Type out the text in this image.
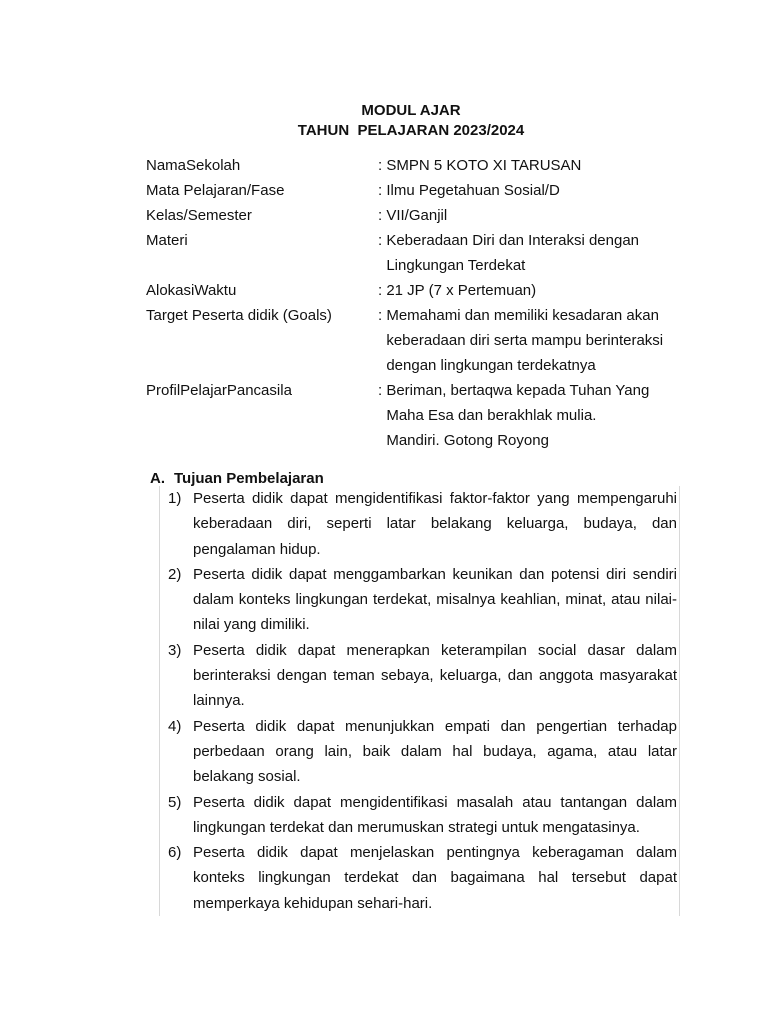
MODUL AJAR
TAHUN  PELAJARAN 2023/2024
NamaSekolah	: SMPN 5 KOTO XI TARUSAN
Mata Pelajaran/Fase	: Ilmu Pegetahuan Sosial/D
Kelas/Semester	: VII/Ganjil
Materi	: Keberadaan Diri dan Interaksi dengan
Lingkungan Terdekat
AlokasiWaktu	: 21 JP (7 x Pertemuan)
Target Peserta didik (Goals)	: Memahami dan memiliki kesadaran akan
keberadaan diri serta mampu berinteraksi
dengan lingkungan terdekatnya
ProfilPelajarPancasila	: Beriman, bertaqwa kepada Tuhan Yang
Maha Esa dan berakhlak mulia.
Mandiri. Gotong Royong
A. Tujuan Pembelajaran
1) Peserta didik dapat mengidentifikasi faktor-faktor yang mempengaruhi keberadaan diri, seperti latar belakang keluarga, budaya, dan pengalaman hidup.
2) Peserta didik dapat menggambarkan keunikan dan potensi diri sendiri dalam konteks lingkungan terdekat, misalnya keahlian, minat, atau nilai-nilai yang dimiliki.
3) Peserta didik dapat menerapkan keterampilan social dasar dalam berinteraksi dengan teman sebaya, keluarga, dan anggota masyarakat lainnya.
4) Peserta didik dapat menunjukkan empati dan pengertian terhadap perbedaan orang lain, baik dalam hal budaya, agama, atau latar belakang sosial.
5) Peserta didik dapat mengidentifikasi masalah atau tantangan dalam lingkungan terdekat dan merumuskan strategi untuk mengatasinya.
6) Peserta didik dapat menjelaskan pentingnya keberagaman dalam konteks lingkungan terdekat dan bagaimana hal tersebut dapat memperkaya kehidupan sehari-hari.
